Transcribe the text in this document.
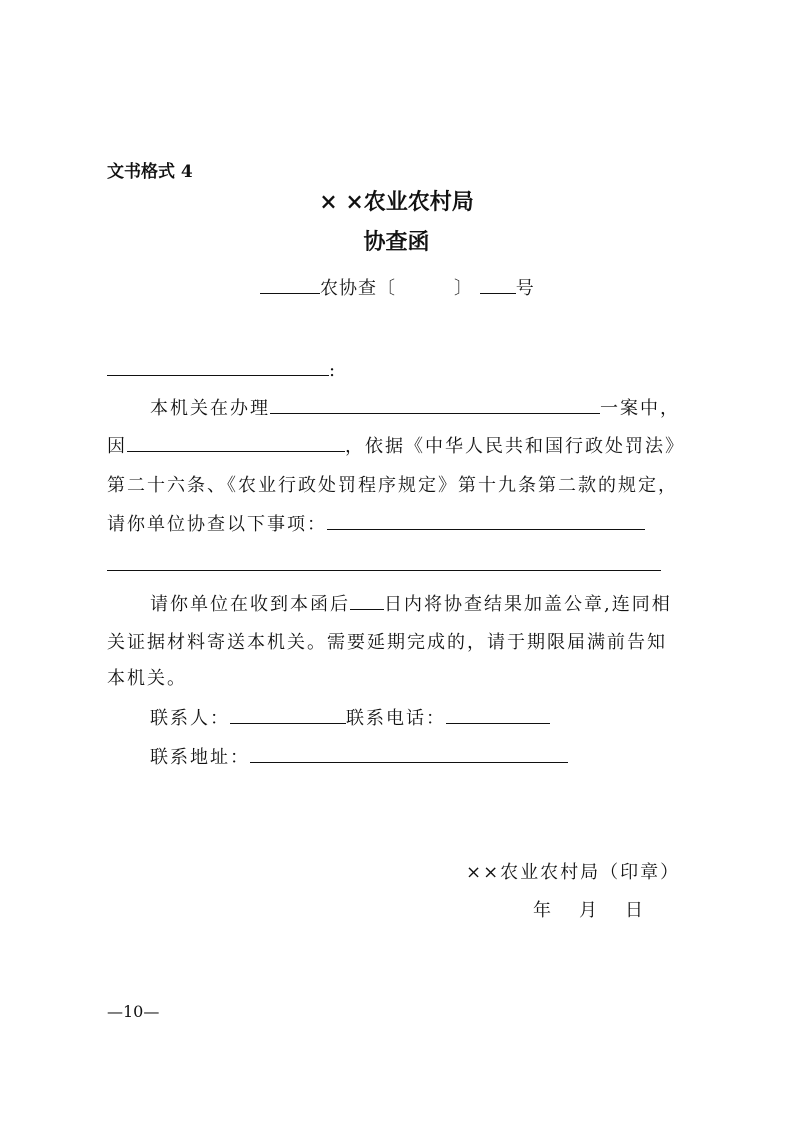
文书格式 4
× ×农业农村局
协查函
农协查〔	〕 号
:
本机关在办理	一案中，
因	，依据《中华人民共和国行政处罚法》
第二十六条、《农业行政处罚程序规定》第十九条第二款的规定，
请你单位协查以下事项：
请你单位在收到本函后 日内将协查结果加盖公章,连同相
关证据材料寄送本机关。需要延期完成的，请于期限届满前告知
本机关。
联系人：	联系电话：
联系地址：
××农业农村局（印章）
年 月 日
—10—
